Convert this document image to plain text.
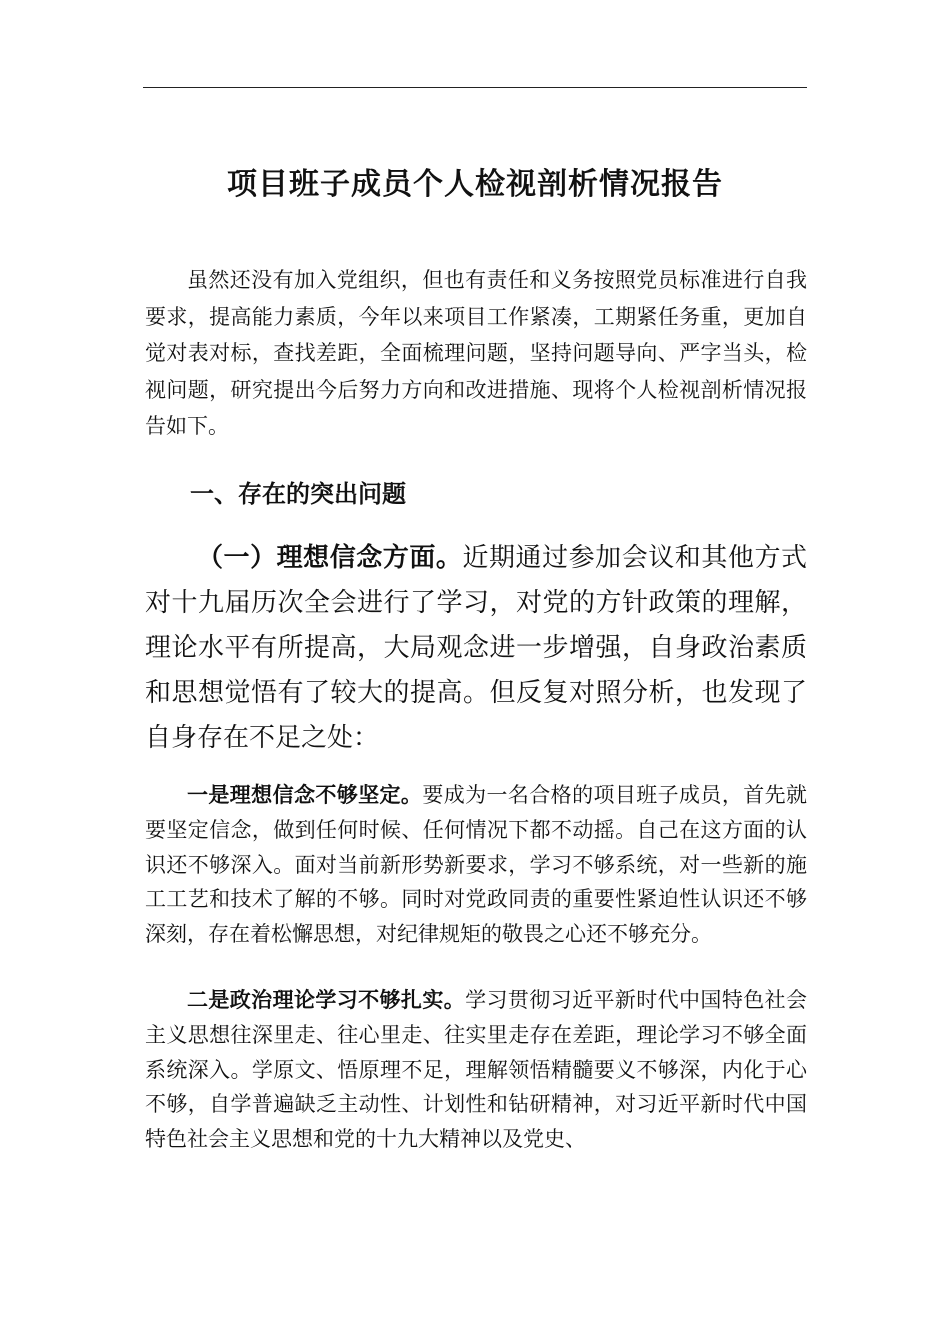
项目班子成员个人检视剖析情况报告

虽然还没有加入党组织，但也有责任和义务按照党员标准进行自我要求，提高能力素质，今年以来项目工作紧凑，工期紧任务重，更加自觉对表对标，查找差距，全面梳理问题，坚持问题导向、严字当头，检视问题，研究提出今后努力方向和改进措施、现将个人检视剖析情况报告如下。

一、存在的突出问题

（一）理想信念方面。近期通过参加会议和其他方式对十九届历次全会进行了学习，对党的方针政策的理解，理论水平有所提高，大局观念进一步增强，自身政治素质和思想觉悟有了较大的提高。但反复对照分析，也发现了自身存在不足之处：

一是理想信念不够坚定。要成为一名合格的项目班子成员，首先就要坚定信念，做到任何时候、任何情况下都不动摇。自己在这方面的认识还不够深入。面对当前新形势新要求，学习不够系统，对一些新的施工工艺和技术了解的不够。同时对党政同责的重要性紧迫性认识还不够深刻，存在着松懈思想，对纪律规矩的敬畏之心还不够充分。

二是政治理论学习不够扎实。学习贯彻习近平新时代中国特色社会主义思想往深里走、往心里走、往实里走存在差距，理论学习不够全面系统深入。学原文、悟原理不足，理解领悟精髓要义不够深，内化于心不够，自学普遍缺乏主动性、计划性和钻研精神，对习近平新时代中国特色社会主义思想和党的十九大精神以及党史、
